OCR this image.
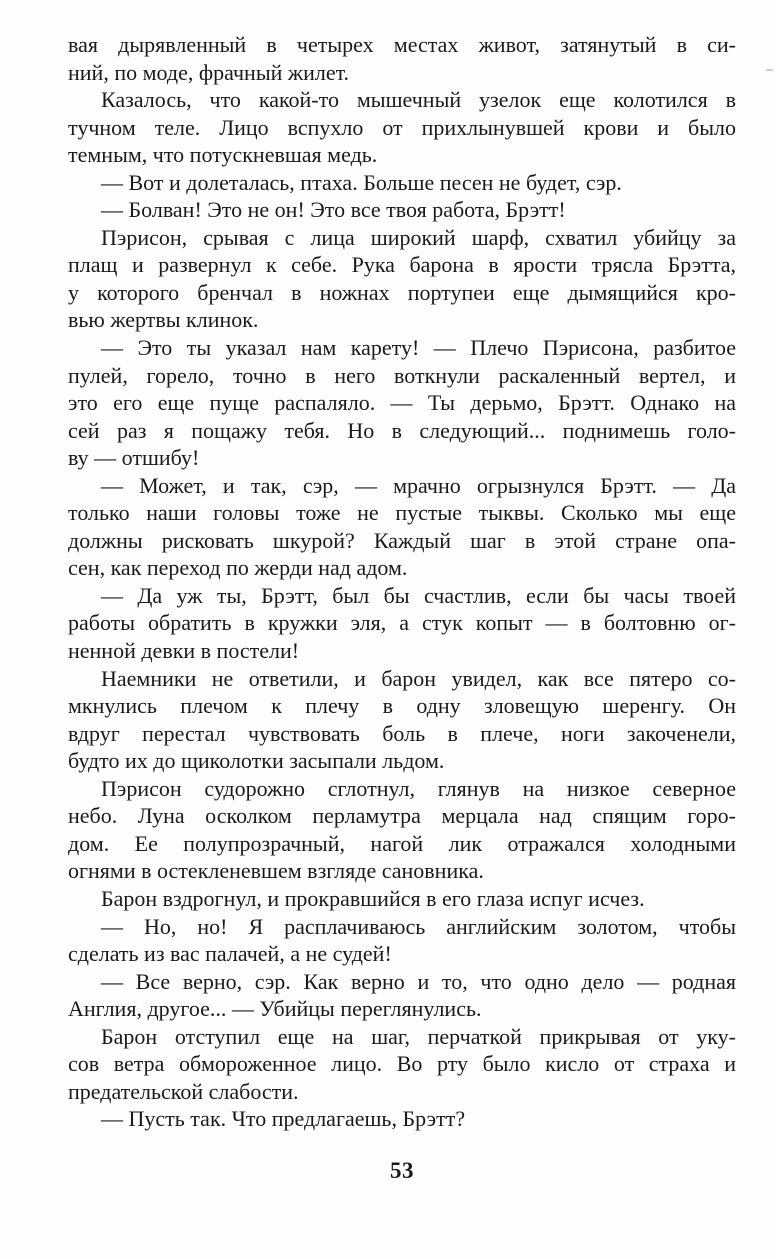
вая дырявленный в четырех местах живот, затянутый в си-
ний, по моде, фрачный жилет.
Казалось, что какой-то мышечный узелок еще колотился в
тучном теле. Лицо вспухло от прихлынувшей крови и было
темным, что потускневшая медь.
— Вот и долеталась, птаха. Больше песен не будет, сэр.
— Болван! Это не он! Это все твоя работа, Брэтт!
Пэрисон, срывая с лица широкий шарф, схватил убийцу за
плащ и развернул к себе. Рука барона в ярости трясла Брэтта,
у которого бренчал в ножнах портупеи еще дымящийся кро-
вью жертвы клинок.
— Это ты указал нам карету! — Плечо Пэрисона, разбитое
пулей, горело, точно в него воткнули раскаленный вертел, и
это его еще пуще распаляло. — Ты дерьмо, Брэтт. Однако на
сей раз я пощажу тебя. Но в следующий... поднимешь голо-
ву — отшибу!
— Может, и так, сэр, — мрачно огрызнулся Брэтт. — Да
только наши головы тоже не пустые тыквы. Сколько мы еще
должны рисковать шкурой? Каждый шаг в этой стране опа-
сен, как переход по жерди над адом.
— Да уж ты, Брэтт, был бы счастлив, если бы часы твоей
работы обратить в кружки эля, а стук копыт — в болтовню ог-
ненной девки в постели!
Наемники не ответили, и барон увидел, как все пятеро со-
мкнулись плечом к плечу в одну зловещую шеренгу. Он
вдруг перестал чувствовать боль в плече, ноги закоченели,
будто их до щиколотки засыпали льдом.
Пэрисон судорожно сглотнул, глянув на низкое северное
небо. Луна осколком перламутра мерцала над спящим горо-
дом. Ее полупрозрачный, нагой лик отражался холодными
огнями в остекленевшем взгляде сановника.
Барон вздрогнул, и прокравшийся в его глаза испуг исчез.
— Но, но! Я расплачиваюсь английским золотом, чтобы
сделать из вас палачей, а не судей!
— Все верно, сэр. Как верно и то, что одно дело — родная
Англия, другое... — Убийцы переглянулись.
Барон отступил еще на шаг, перчаткой прикрывая от уку-
сов ветра обмороженное лицо. Во рту было кисло от страха и
предательской слабости.
— Пусть так. Что предлагаешь, Брэтт?
53
